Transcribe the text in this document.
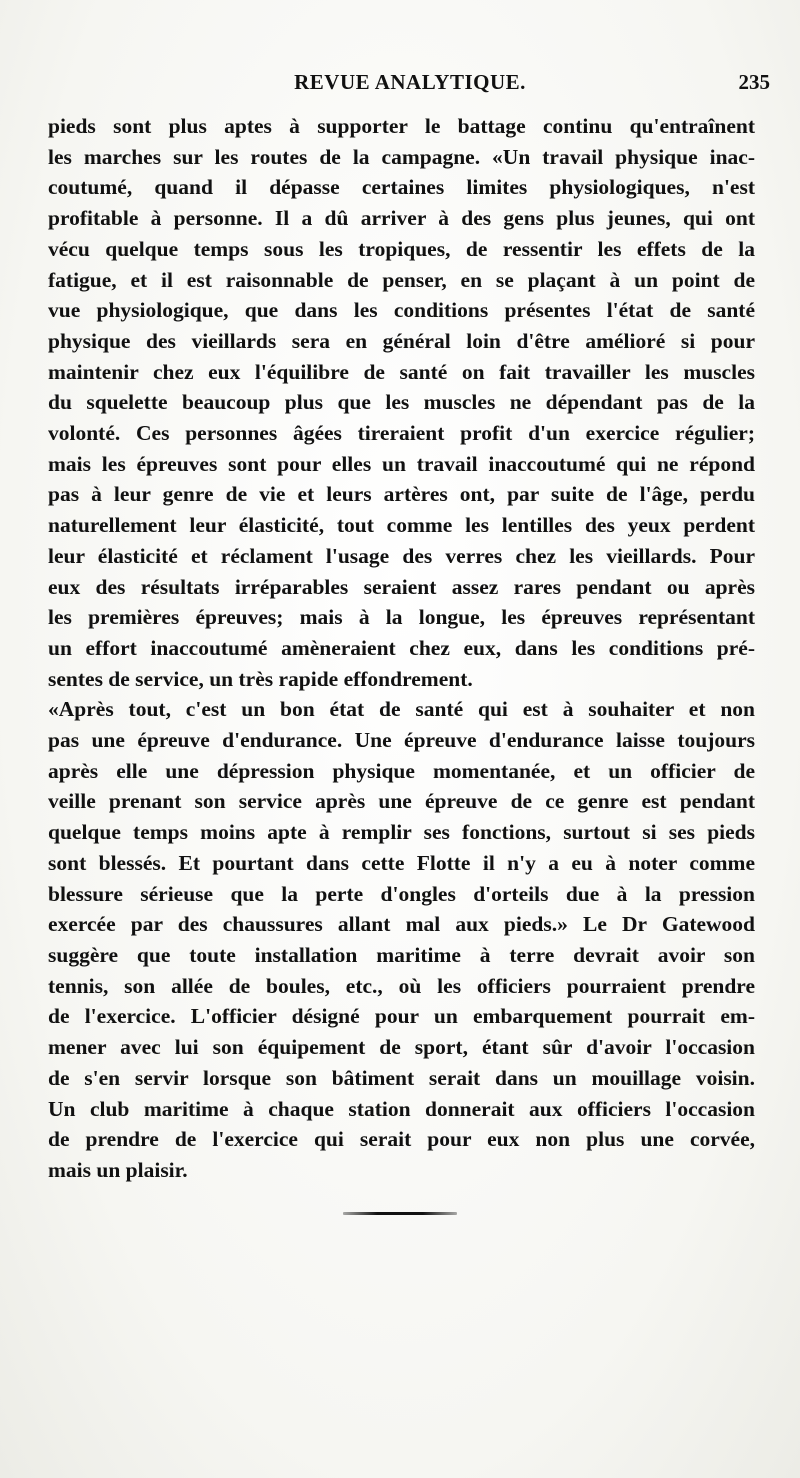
REVUE ANALYTIQUE.	235
pieds sont plus aptes à supporter le battage continu qu'entraînent
les marches sur les routes de la campagne. «Un travail physique inac-
coutumé, quand il dépasse certaines limites physiologiques, n'est
profitable à personne. Il a dû arriver à des gens plus jeunes, qui ont
vécu quelque temps sous les tropiques, de ressentir les effets de la
fatigue, et il est raisonnable de penser, en se plaçant à un point de
vue physiologique, que dans les conditions présentes l'état de santé
physique des vieillards sera en général loin d'être amélioré si pour
maintenir chez eux l'équilibre de santé on fait travailler les muscles
du squelette beaucoup plus que les muscles ne dépendant pas de la
volonté. Ces personnes âgées tireraient profit d'un exercice régulier;
mais les épreuves sont pour elles un travail inaccoutumé qui ne répond
pas à leur genre de vie et leurs artères ont, par suite de l'âge, perdu
naturellement leur élasticité, tout comme les lentilles des yeux perdent
leur élasticité et réclament l'usage des verres chez les vieillards. Pour
eux des résultats irréparables seraient assez rares pendant ou après
les premières épreuves; mais à la longue, les épreuves représentant
un effort inaccoutumé amèneraient chez eux, dans les conditions pré-
sentes de service, un très rapide effondrement.
«Après tout, c'est un bon état de santé qui est à souhaiter et non
pas une épreuve d'endurance. Une épreuve d'endurance laisse toujours
après elle une dépression physique momentanée, et un officier de
veille prenant son service après une épreuve de ce genre est pendant
quelque temps moins apte à remplir ses fonctions, surtout si ses pieds
sont blessés. Et pourtant dans cette Flotte il n'y a eu à noter comme
blessure sérieuse que la perte d'ongles d'orteils due à la pression
exercée par des chaussures allant mal aux pieds.» Le Dr Gatewood
suggère que toute installation maritime à terre devrait avoir son
tennis, son allée de boules, etc., où les officiers pourraient prendre
de l'exercice. L'officier désigné pour un embarquement pourrait em-
mener avec lui son équipement de sport, étant sûr d'avoir l'occasion
de s'en servir lorsque son bâtiment serait dans un mouillage voisin.
Un club maritime à chaque station donnerait aux officiers l'occasion
de prendre de l'exercice qui serait pour eux non plus une corvée,
mais un plaisir.
